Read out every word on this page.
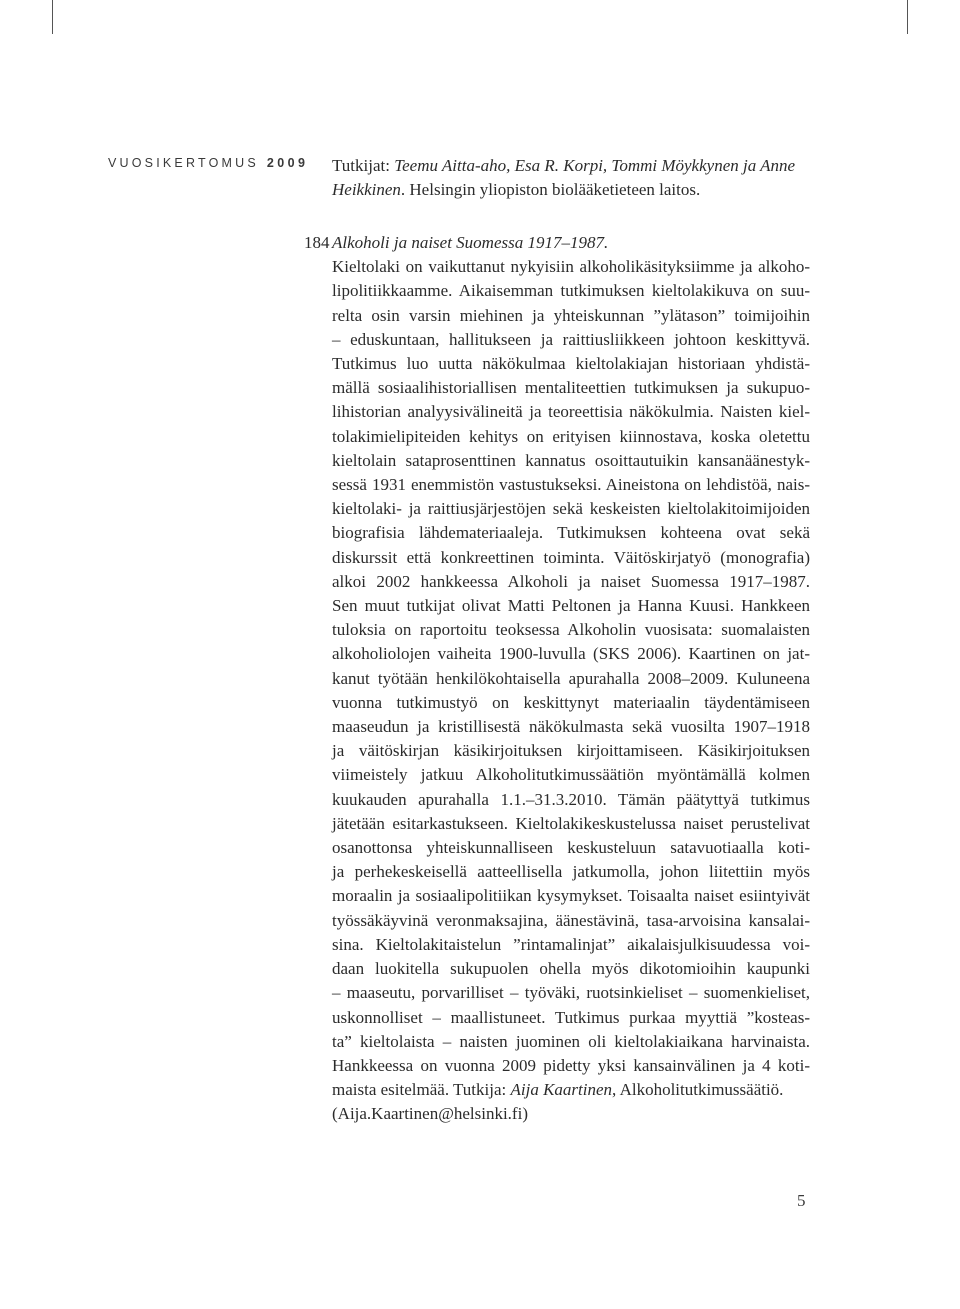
VUOSIKERTOMUS 2009 Tutkijat: Teemu Aitta-aho, Esa R. Korpi, Tommi Möykkynen ja Anne
Heikkinen. Helsingin yliopiston biolääketieteen laitos.
184 Alkoholi ja naiset Suomessa 1917–1987.
Kieltolaki on vaikuttanut nykyisiin alkoholikäsityksiimme ja alkoho-
lipolitiikkaamme. Aikaisemman tutkimuksen kieltolakikuva on suu-
relta osin varsin miehinen ja yhteiskunnan ”ylätason” toimijoihin
– eduskuntaan, hallitukseen ja raittiusliikkeen johtoon keskittyvä.
Tutkimus luo uutta näkökulmaa kieltolakiajan historiaan yhdistä-
mällä sosiaalihistoriallisen mentaliteettien tutkimuksen ja sukupuo-
lihistorian analyysivälineitä ja teoreettisia näkökulmia. Naisten kiel-
tolakimielipiteiden kehitys on erityisen kiinnostava, koska oletettu
kieltolain sataprosenttinen kannatus osoittautuikin kansanäänestyk-
sessä 1931 enemmistön vastustukseksi. Aineistona on lehdistöä, nais-
kieltolaki- ja raittiusjärjestöjen sekä keskeisten kieltolakitoimijoiden
biografisia lähdemateriaaleja. Tutkimuksen kohteena ovat sekä
diskurssit että konkreettinen toiminta. Väitöskirjatyö (monografia)
alkoi 2002 hankkeessa Alkoholi ja naiset Suomessa 1917–1987.
Sen muut tutkijat olivat Matti Peltonen ja Hanna Kuusi. Hankkeen
tuloksia on raportoitu teoksessa Alkoholin vuosisata: suomalaisten
alkoholiolojen vaiheita 1900-luvulla (SKS 2006). Kaartinen on jat-
kanut työtään henkilökohtaisella apurahalla 2008–2009. Kuluneena
vuonna tutkimustyö on keskittynyt materiaalin täydentämiseen
maaseudun ja kristillisestä näkökulmasta sekä vuosilta 1907–1918
ja väitöskirjan käsikirjoituksen kirjoittamiseen. Käsikirjoituksen
viimeistely jatkuu Alkoholitutkimussäätiön myöntämällä kolmen
kuukauden apurahalla 1.1.–31.3.2010. Tämän päätyttyä tutkimus
jätetään esitarkastukseen. Kieltolakikeskustelussa naiset perustelivat
osanottonsa yhteiskunnalliseen keskusteluun satavuotiaalla koti-
ja perhekeskeisellä aatteellisella jatkumolla, johon liitettiin myös
moraalin ja sosiaalipolitiikan kysymykset. Toisaalta naiset esiintyivät
työssäkäyvinä veronmaksajina, äänestävinä, tasa-arvoisina kansalai-
sina. Kieltolakitaistelun ”rintamalinjat” aikalaisjulkisuudessa voi-
daan luokitella sukupuolen ohella myös dikotomioihin kaupunki
– maaseutu, porvarilliset – työväki, ruotsinkieliset – suomenkieliset,
uskonnolliset – maallistuneet. Tutkimus purkaa myyttiä ”kosteas-
ta” kieltolaista – naisten juominen oli kieltolakiaikana harvinaista.
Hankkeessa on vuonna 2009 pidetty yksi kansainvälinen ja 4 koti-
maista esitelmää. Tutkija: Aija Kaartinen, Alkoholitutkimussäätiö.
(Aija.Kaartinen@helsinki.fi)
5
